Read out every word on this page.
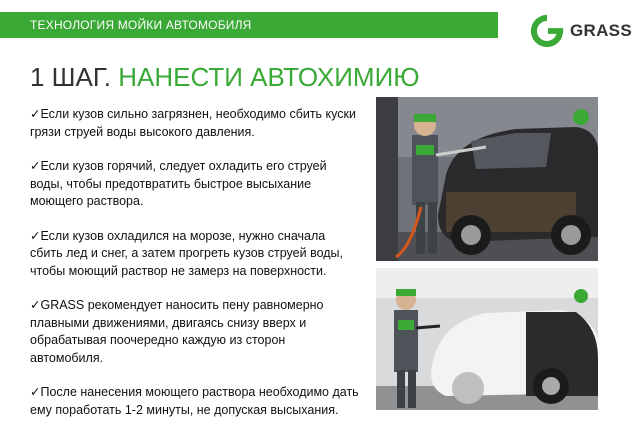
ТЕХНОЛОГИЯ МОЙКИ АВТОМОБИЛЯ	GRASS
1 ШАГ. НАНЕСТИ АВТОХИМИЮ
✓Если кузов сильно загрязнен, необходимо сбить куски грязи струей воды высокого давления.
✓Если кузов горячий, следует охладить его струей воды, чтобы предотвратить быстрое высыхание моющего раствора.
✓Если кузов охладился на морозе, нужно сначала сбить лед и снег, а затем прогреть кузов струей воды, чтобы моющий раствор не замерз на поверхности.
✓GRASS рекомендует наносить пену равномерно плавными движениями, двигаясь снизу вверх и обрабатывая поочередно каждую из сторон автомобиля.
✓После нанесения моющего раствора необходимо дать ему поработать 1-2 минуты, не допуская высыхания.
